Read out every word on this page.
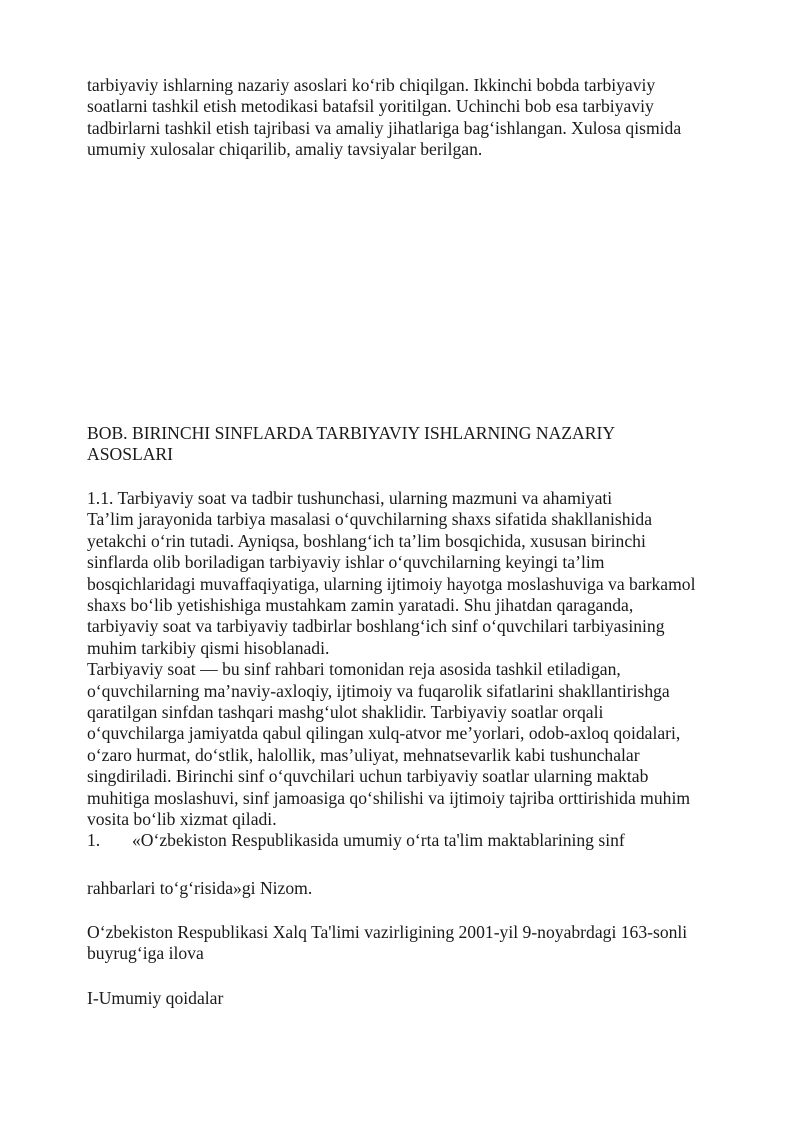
tarbiyaviy ishlarning nazariy asoslari ko‘rib chiqilgan. Ikkinchi bobda tarbiyaviy
soatlarni tashkil etish metodikasi batafsil yoritilgan. Uchinchi bob esa tarbiyaviy
tadbirlarni tashkil etish tajribasi va amaliy jihatlariga bag‘ishlangan. Xulosa qismida
umumiy xulosalar chiqarilib, amaliy tavsiyalar berilgan.
BOB. BIRINCHI SINFLARDA TARBIYAVIY ISHLARNING NAZARIY
ASOSLARI
1.1. Tarbiyaviy soat va tadbir tushunchasi, ularning mazmuni va ahamiyati
Ta’lim jarayonida tarbiya masalasi o‘quvchilarning shaxs sifatida shakllanishida
yetakchi o‘rin tutadi. Ayniqsa, boshlang‘ich ta’lim bosqichida, xususan birinchi
sinflarda olib boriladigan tarbiyaviy ishlar o‘quvchilarning keyingi ta’lim
bosqichlaridagi muvaffaqiyatiga, ularning ijtimoiy hayotga moslashuviga va barkamol
shaxs bo‘lib yetishishiga mustahkam zamin yaratadi. Shu jihatdan qaraganda,
tarbiyaviy soat va tarbiyaviy tadbirlar boshlang‘ich sinf o‘quvchilari tarbiyasining
muhim tarkibiy qismi hisoblanadi.
Tarbiyaviy soat — bu sinf rahbari tomonidan reja asosida tashkil etiladigan,
o‘quvchilarning ma’naviy-axloqiy, ijtimoiy va fuqarolik sifatlarini shakllantirishga
qaratilgan sinfdan tashqari mashg‘ulot shaklidir. Tarbiyaviy soatlar orqali
o‘quvchilarga jamiyatda qabul qilingan xulq-atvor me’yorlari, odob-axloq qoidalari,
o‘zaro hurmat, do‘stlik, halollik, mas’uliyat, mehnatsevarlik kabi tushunchalar
singdiriladi. Birinchi sinf o‘quvchilari uchun tarbiyaviy soatlar ularning maktab
muhitiga moslashuvi, sinf jamoasiga qo‘shilishi va ijtimoiy tajriba orttirishida muhim
vosita bo‘lib xizmat qiladi.
1. «O‘zbekiston Respublikasida umumiy o‘rta ta'lim maktablarining sinf
rahbarlari to‘g‘risida»gi Nizom.
O‘zbekiston Respublikasi Xalq Ta'limi vazirligining 2001-yil 9-noyabrdagi 163-sonli
buyrug‘iga ilova
I-Umumiy qoidalar
